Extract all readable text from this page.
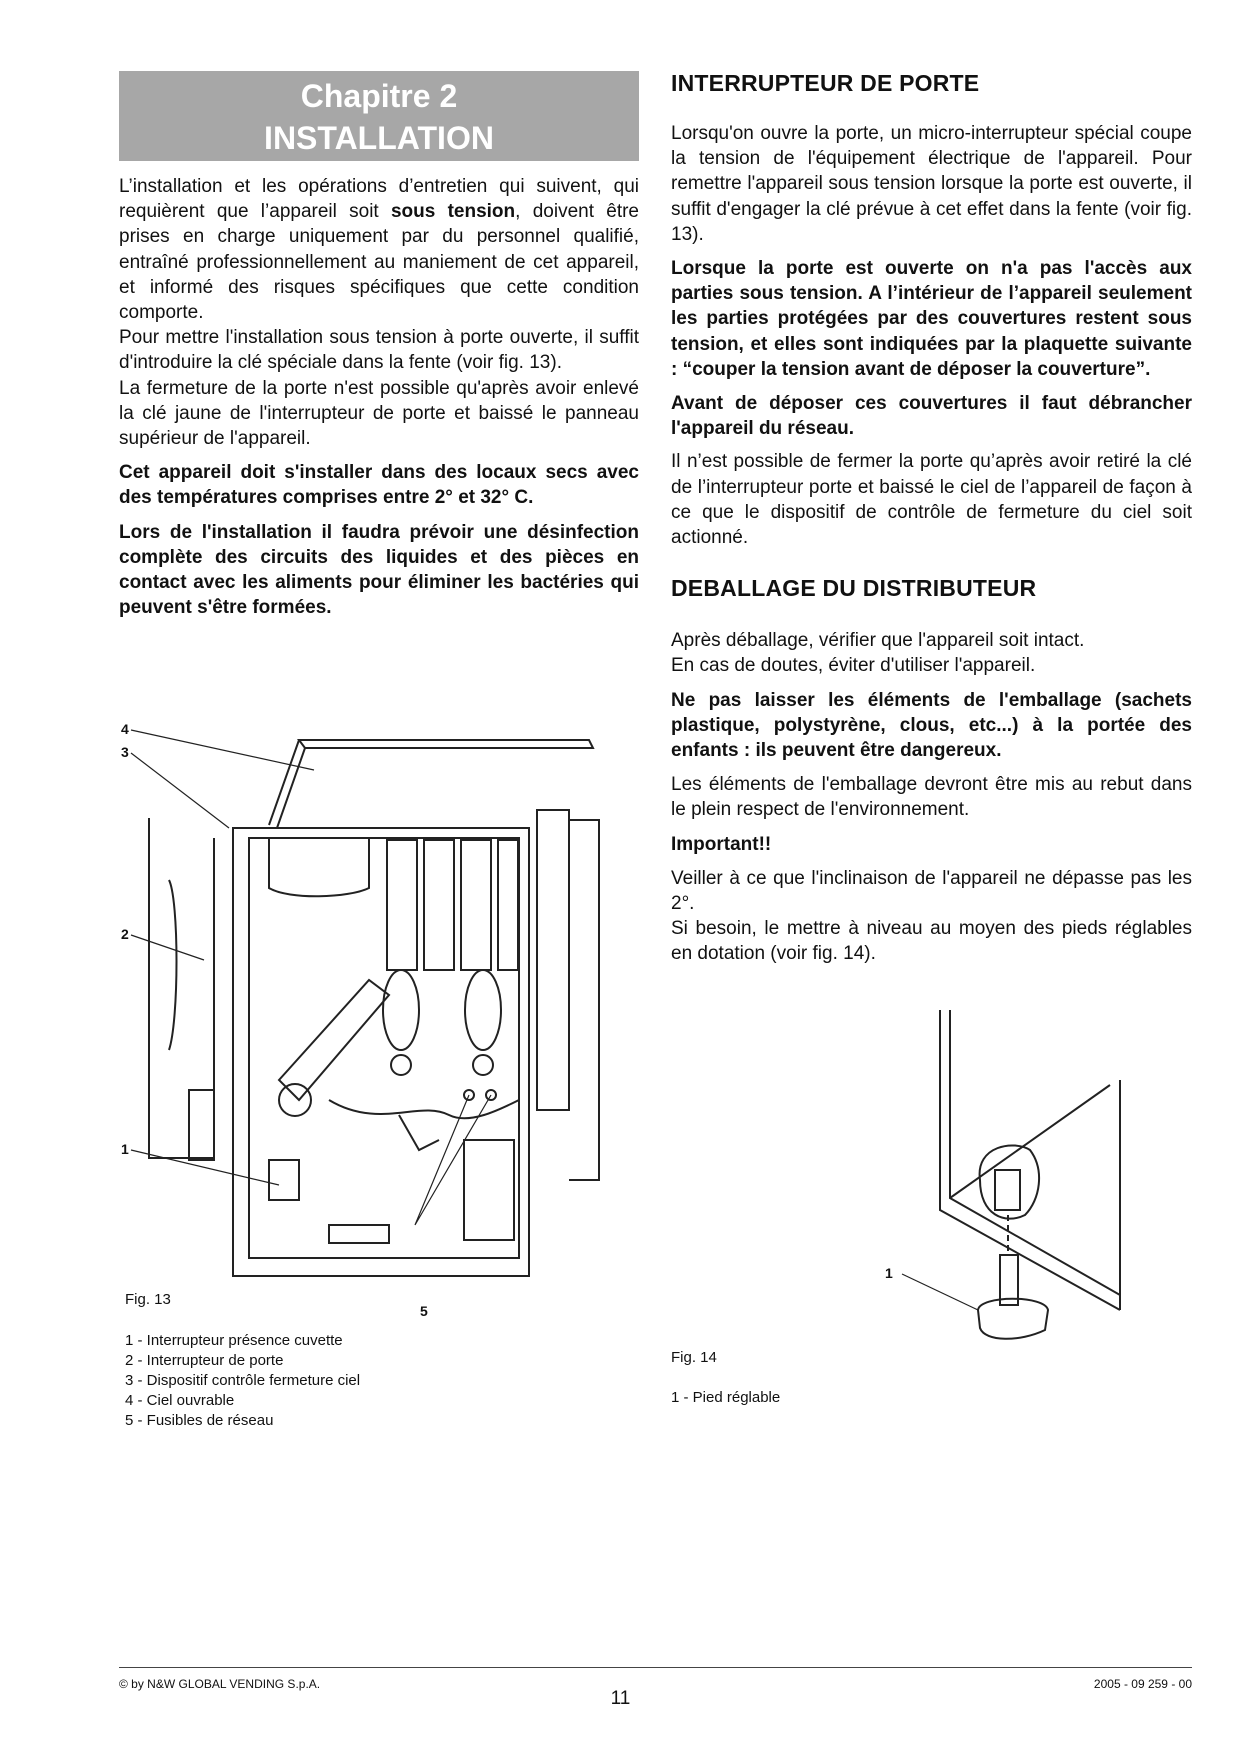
Chapitre 2
INSTALLATION

L’installation et les opérations d’entretien qui suivent, qui requièrent que l’appareil soit sous tension, doivent être prises en charge uniquement par du personnel qualifié, entraîné professionnellement au maniement de cet appareil, et informé des risques spécifiques que cette condition comporte.

Pour mettre l'installation sous tension à porte ouverte, il suffit d'introduire la clé spéciale dans la fente (voir fig. 13).

La fermeture de la porte n'est possible qu'après avoir enlevé la clé jaune de l'interrupteur de porte et baissé le panneau supérieur de l'appareil.

Cet appareil doit s'installer dans des locaux secs avec des températures comprises entre 2° et 32° C.

Lors de l'installation il faudra prévoir une désinfection complète des circuits des liquides et des pièces en contact avec les aliments pour éliminer les bactéries qui peuvent s'être formées.

4
3
2
1
5
Fig. 13
1 - Interrupteur présence cuvette
2 - Interrupteur de porte
3 - Dispositif contrôle fermeture ciel
4 - Ciel ouvrable
5 - Fusibles de réseau
INTERRUPTEUR DE PORTE

Lorsqu'on ouvre la porte, un micro-interrupteur spécial coupe la tension de l'équipement électrique de l'appareil. Pour remettre l'appareil sous tension lorsque la porte est ouverte, il suffit d'engager la clé prévue à cet effet dans la fente (voir fig. 13).

Lorsque la porte est ouverte on n'a pas l'accès aux parties sous tension. A l’intérieur de l’appareil seulement les parties protégées par des couvertures restent sous tension, et elles sont indiquées par la plaquette suivante : “couper la tension avant de déposer la couverture”.

Avant de déposer ces couvertures il faut débrancher l'appareil du réseau.

Il n’est possible de fermer la porte qu’après avoir retiré la clé de l’interrupteur porte et baissé le ciel de l’appareil de façon à ce que le dispositif de contrôle de fermeture du ciel soit actionné.

DEBALLAGE DU DISTRIBUTEUR

Après déballage, vérifier que l'appareil soit intact.

En cas de doutes, éviter d'utiliser l'appareil.

Ne pas laisser les éléments de l'emballage (sachets plastique, polystyrène, clous, etc...) à la portée des enfants : ils peuvent être dangereux.

Les éléments de l'emballage devront être mis au rebut dans le plein respect de l'environnement.

Important!!

Veiller à ce que l'inclinaison de l'appareil ne dépasse pas les 2°.

Si besoin, le mettre à niveau au moyen des pieds réglables en dotation (voir fig. 14).

1
Fig. 14
1 - Pied réglable
© by N&W GLOBAL VENDING S.p.A.
11
2005 - 09 259 - 00
